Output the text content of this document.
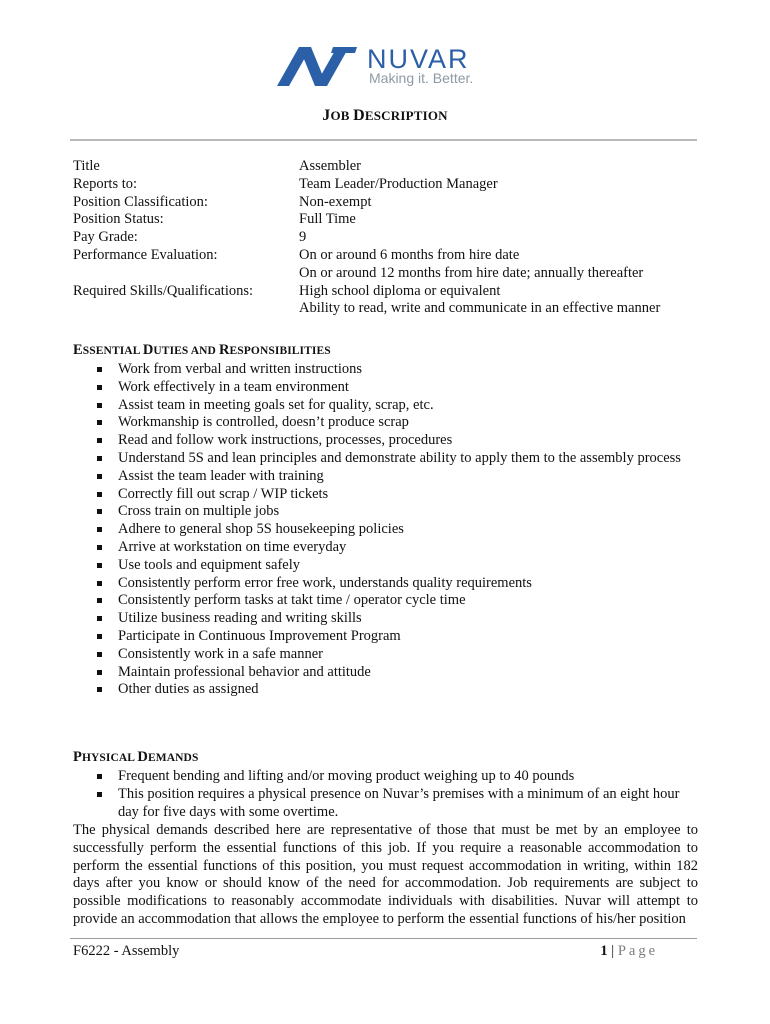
NUVAR
Making it. Better.
JOB DESCRIPTION
Title	Assembler
Reports to:	Team Leader/Production Manager
Position Classification:	Non-exempt
Position Status:	Full Time
Pay Grade:	9
Performance Evaluation:	On or around 6 months from hire date
On or around 12 months from hire date; annually thereafter
Required Skills/Qualifications:	High school diploma or equivalent
Ability to read, write and communicate in an effective manner
ESSENTIAL DUTIES AND RESPONSIBILITIES
Work from verbal and written instructions
Work effectively in a team environment
Assist team in meeting goals set for quality, scrap, etc.
Workmanship is controlled, doesn’t produce scrap
Read and follow work instructions, processes, procedures
Understand 5S and lean principles and demonstrate ability to apply them to the assembly process
Assist the team leader with training
Correctly fill out scrap / WIP tickets
Cross train on multiple jobs
Adhere to general shop 5S housekeeping policies
Arrive at workstation on time everyday
Use tools and equipment safely
Consistently perform error free work, understands quality requirements
Consistently perform tasks at takt time / operator cycle time
Utilize business reading and writing skills
Participate in Continuous Improvement Program
Consistently work in a safe manner
Maintain professional behavior and attitude
Other duties as assigned
PHYSICAL DEMANDS
Frequent bending and lifting and/or moving product weighing up to 40 pounds
This position requires a physical presence on Nuvar’s premises with a minimum of an eight hour day for five days with some overtime.

The physical demands described here are representative of those that must be met by an employee to successfully perform the essential functions of this job. If you require a reasonable accommodation to perform the essential functions of this position, you must request accommodation in writing, within 182 days after you know or should know of the need for accommodation. Job requirements are subject to possible modifications to reasonably accommodate individuals with disabilities. Nuvar will attempt to provide an accommodation that allows the employee to perform the essential functions of his/her position

F6222 - Assembly	1 | Page
